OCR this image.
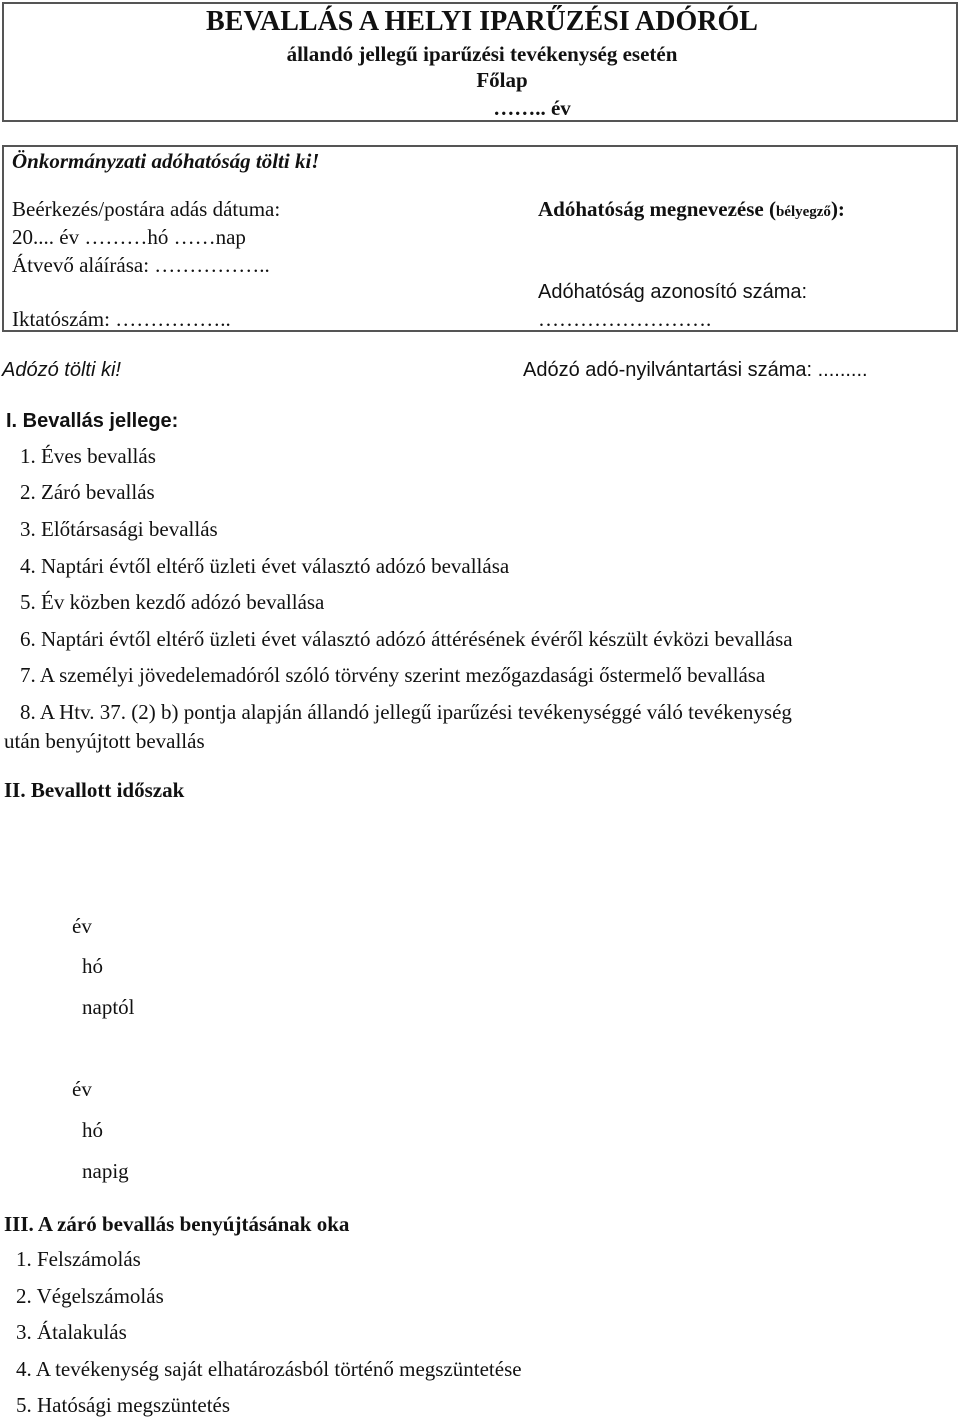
BEVALLÁS A HELYI IPARŰZÉSI ADÓRÓL
állandó jellegű iparűzési tevékenység esetén
Főlap
…….. év
Önkormányzati adóhatóság tölti ki!
Beérkezés/postára adás dátuma:
20.... év ………hó ……nap
Átvevő aláírása: ……………..
Iktatószám: ……………..
Adóhatóság megnevezése (bélyegző):
Adóhatóság azonosító száma:
…………………….
Adózó tölti ki!	Adózó adó-nyilvántartási száma: .........
I. Bevallás jellege:
1. Éves bevallás
2. Záró bevallás
3. Előtársasági bevallás
4. Naptári évtől eltérő üzleti évet választó adózó bevallása
5. Év közben kezdő adózó bevallása
6. Naptári évtől eltérő üzleti évet választó adózó áttérésének évéről készült évközi bevallása
7. A személyi jövedelemadóról szóló törvény szerint mezőgazdasági őstermelő bevallása
8. A Htv. 37. (2) b) pontja alapján állandó jellegű iparűzési tevékenységgé váló tevékenység
után benyújtott bevallás
II. Bevallott időszak
év
hó
naptól
év
hó
napig
III. A záró bevallás benyújtásának oka
1. Felszámolás
2. Végelszámolás
3. Átalakulás
4. A tevékenység saját elhatározásból történő megszüntetése
5. Hatósági megszüntetés
